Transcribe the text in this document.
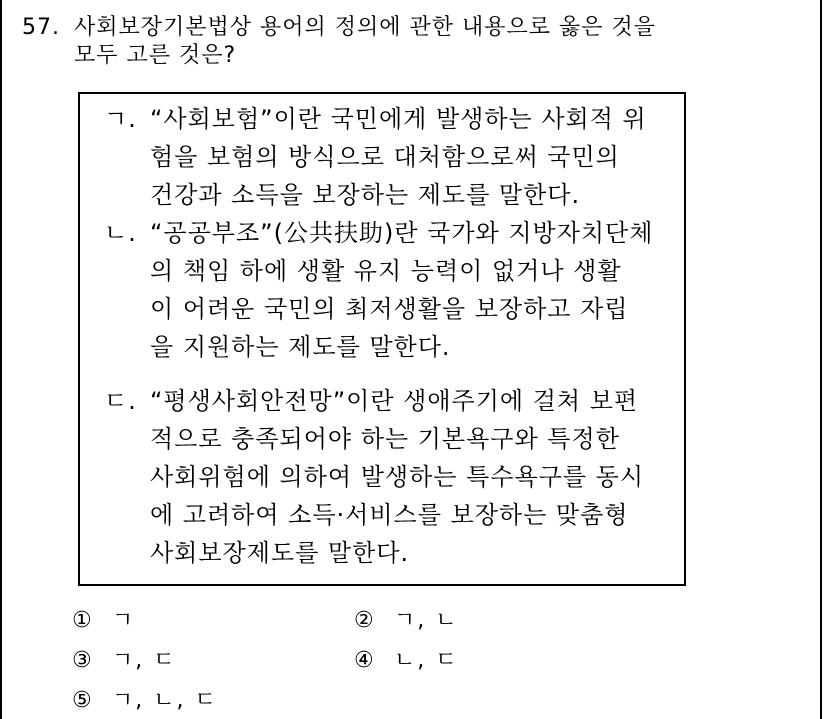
57. 사회보장기본법상 용어의 정의에 관한 내용으로 옳은 것을
모두 고른 것은?
ㄱ. “사회보험”이란 국민에게 발생하는 사회적 위
험을 보험의 방식으로 대처함으로써 국민의
건강과 소득을 보장하는 제도를 말한다.
ㄴ. “공공부조”(公共扶助)란 국가와 지방자치단체
의 책임 하에 생활 유지 능력이 없거나 생활
이 어려운 국민의 최저생활을 보장하고 자립
을 지원하는 제도를 말한다.
ㄷ. “평생사회안전망”이란 생애주기에 걸쳐 보편
적으로 충족되어야 하는 기본욕구와 특정한
사회위험에 의하여 발생하는 특수욕구를 동시
에 고려하여 소득·서비스를 보장하는 맞춤형
사회보장제도를 말한다.
① ㄱ	② ㄱ, ㄴ
③ ㄱ, ㄷ	④ ㄴ, ㄷ
⑤ ㄱ, ㄴ, ㄷ
